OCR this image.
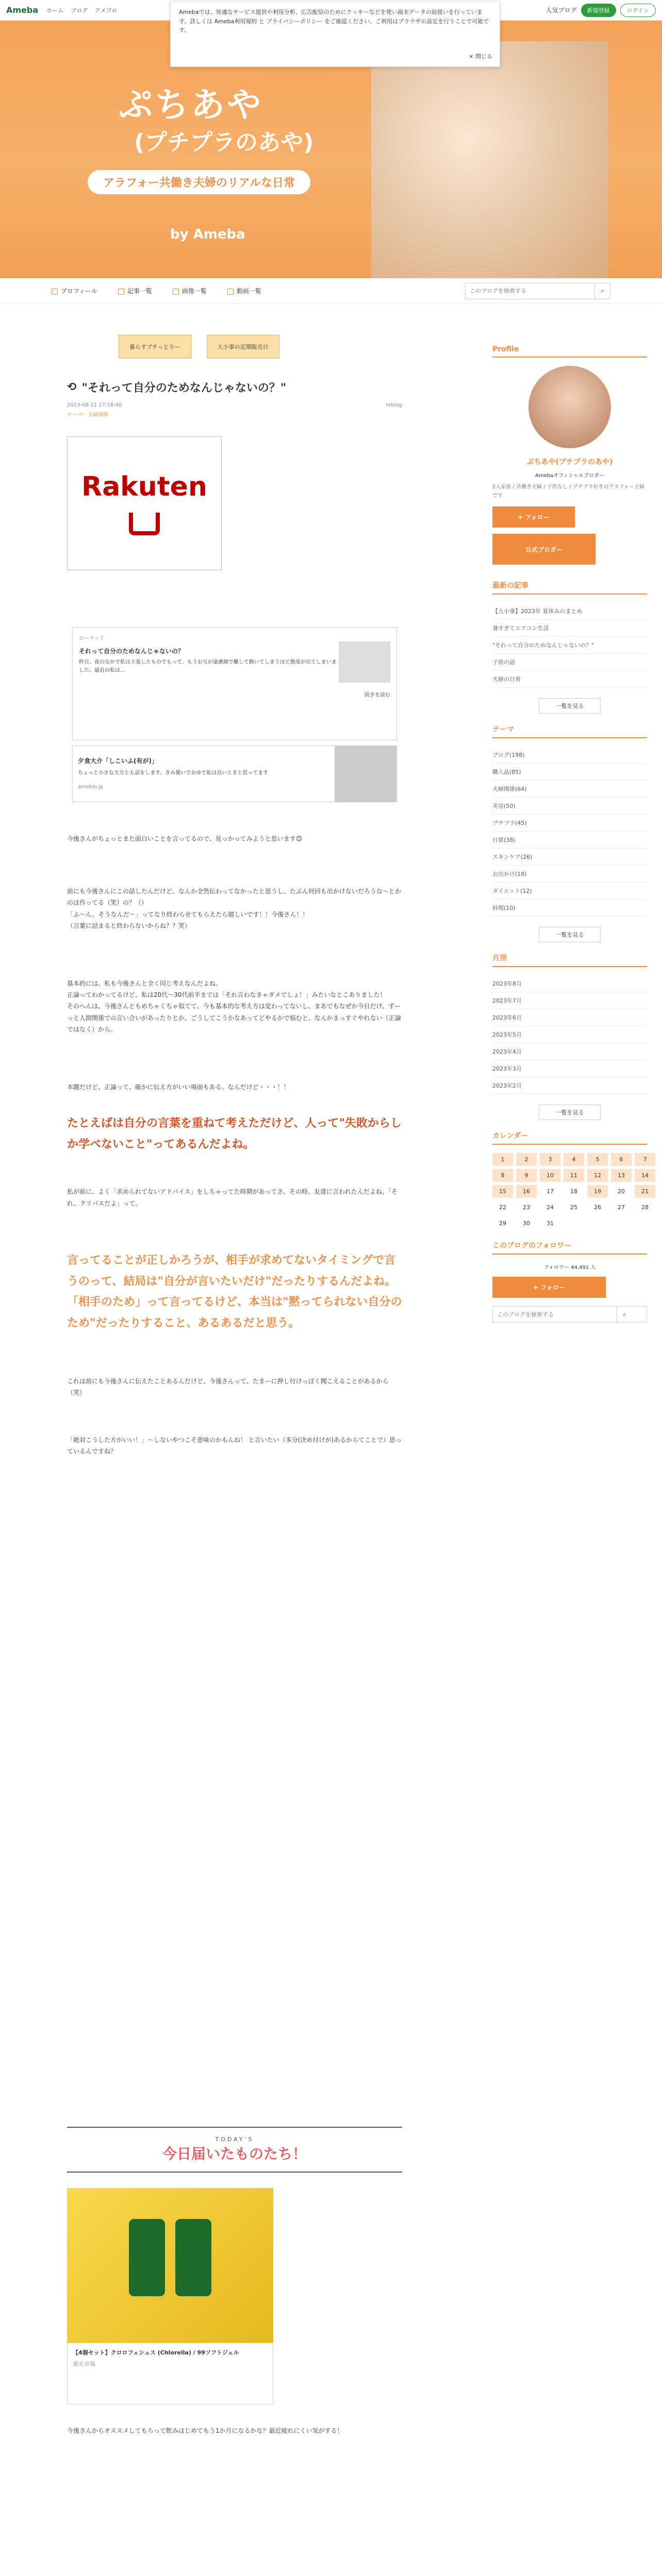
Ameba ホーム ブログ アメプロ	人気ブログ	新規登録	ログイン
Amebaでは、快適なサービス提供や利用分析、広告配信のためにクッキーなどを使い端末データの取扱いを行っています。詳しくは Ameba利用規約 と プライバシーポリシー をご確認ください。ご利用はブラウザの設定を行うことで可能です。
× 閉じる
ぷちあや
(プチプラのあや)
アラフォー共働き夫婦のリアルな日常
by Ameba
プロフィール	記事一覧	画像一覧	動画一覧
このブログを検索する	⌕
暮らすプチっとりー	大小事の定期販売日
⟲ "それって自分のためなんじゃないの？"
2023-08-21 17:18:40	reblog
テーマ：夫婦関係
Rakuten
ローナッド
それって自分のためなんじゃないの？
昨日、夜のなかで私は主張したものでもって、もうお互が遠慮顔で離して動いてしまうほど態度が出てしまいました。最近の私は...
続きを読む
夕食大介「しこいふ(有が)」
ちょっと小さな大方とも話をします。きみ優いでおゆで私は良いときと思ってます
ameblo.jp
今後さんがちょっとまた面白いことを言ってるので、見っかってみようと思います😊
前にも今後さんにこの話したんだけど、なんか全然伝わってなかったと思うし、たぶん何回も出かけないだろうな〜とかのは作ってる（笑）の？（）
「ふ〜ん、そうなんだ〜」ってなり終わらせてもらえたら嬉しいです！！今後さん！！
（言葉に詰まると終わらないからね？？笑）
基本的には、私も今後さんと全く同じ考えなんだよね。
正論ってわかってるけど、私は20代〜30代前半までは「それ言わなきゃダメでしょ！」みたいなとこありました！
そのへんは、今後さんともめちゃくちゃ似てて、今も基本的な考え方は変わってないし、まあでもなぜか今日だけ、ずーっと人間関係での言い合いがあったりとか、ごうしてこうかなあってどやるかで悩むと、なんかまっすぐやれない（正論ではなく）から。
本題だけど、正論って、確かに伝え方がいい場面もある。なんだけど・・・！！
たとえばは自分の言葉を重ねて考えただけど、人って"失敗からしか学べないこと"ってあるんだよね。
私が前に、よく「求められてないアドバイス」をしちゃってた時期があってさ、その時、友達に言われたんだよね。「それ、クリパスだよ」って。
言ってることが正しかろうが、相手が求めてないタイミングで言うのって、結局は"自分が言いたいだけ"だったりするんだよね。「相手のため」って言ってるけど、本当は"黙ってられない自分のため"だったりすること、あるあるだと思う。
これは前にも今後さんに伝えたことあるんだけど、今後さんって、たまーに押し付けっぽく聞こえることがあるから（笑）
「絶対こうした方がいい！」〜しないやつこそ意味のかもんね！ と言いたい（多分(決め付けが)あるからてことで）思っているんですね？
TODAY'S
今日届いたものたち！
【4個セット】クロロフェシュス (Chlorella) / 99ソフトジェル
楽天市場
今後さんからオススメしてもらって飲みはじめてもう1か月になるかな？最近疲れにくい気がする！
Profile
ぷちあや(プチプラのあや)
Amebaオフィシャルブロガー
2人家族 / 共働き夫婦 / 子供なし / プチプラ好きのアラフォー主婦です
+ フォロー
公式ブロガー
最新の記事
【大小事】2023年 夏休みのまとめ
暑すぎてエアコン生活
"それって自分のためなんじゃないの？"
子供の話
夫婦の日常
一覧を見る
テーマ
ブログ(198)
購入品(85)
夫婦関係(64)
美容(50)
プチプラ(45)
日常(38)
スキンケア(26)
お出かけ(18)
ダイエット(12)
料理(10)
一覧を見る
月別
2023年8月
2023年7月
2023年6月
2023年5月
2023年4月
2023年3月
2023年2月
一覧を見る
カレンダー
1	2	3	4	5	6	7
8	9	10	11	12	13	14
15	16	17	18	19	20	21
22	23	24	25	26	27	28
29	30	31
このブログのフォロワー
フォロワー 44,491 人
+ フォロー
このブログを検索する
⌕
